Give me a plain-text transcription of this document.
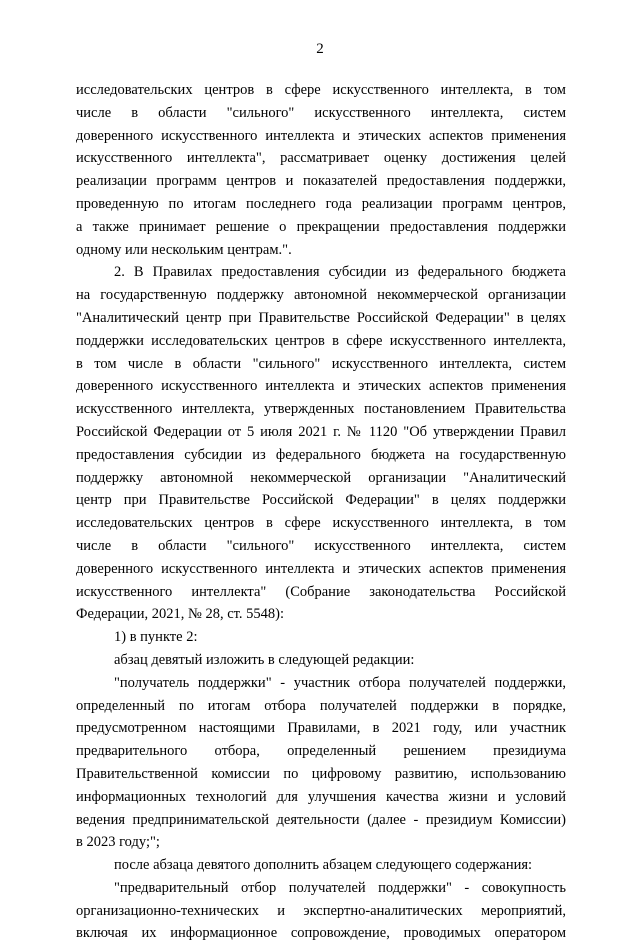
2
исследовательских центров в сфере искусственного интеллекта, в том
числе в области "сильного" искусственного интеллекта, систем
доверенного искусственного интеллекта и этических аспектов применения
искусственного интеллекта", рассматривает оценку достижения целей
реализации программ центров и показателей предоставления поддержки,
проведенную по итогам последнего года реализации программ центров,
а также принимает решение о прекращении предоставления поддержки
одному или нескольким центрам.".
2. В Правилах предоставления субсидии из федерального бюджета
на государственную поддержку автономной некоммерческой организации
"Аналитический центр при Правительстве Российской Федерации" в целях
поддержки исследовательских центров в сфере искусственного интеллекта,
в том числе в области "сильного" искусственного интеллекта, систем
доверенного искусственного интеллекта и этических аспектов применения
искусственного интеллекта, утвержденных постановлением Правительства
Российской Федерации от 5 июля 2021 г. № 1120 "Об утверждении Правил
предоставления субсидии из федерального бюджета на государственную
поддержку автономной некоммерческой организации "Аналитический
центр при Правительстве Российской Федерации" в целях поддержки
исследовательских центров в сфере искусственного интеллекта, в том
числе в области "сильного" искусственного интеллекта, систем
доверенного искусственного интеллекта и этических аспектов применения
искусственного интеллекта" (Собрание законодательства Российской
Федерации, 2021, № 28, ст. 5548):
1) в пункте 2:
абзац девятый изложить в следующей редакции:
"получатель поддержки" - участник отбора получателей поддержки,
определенный по итогам отбора получателей поддержки в порядке,
предусмотренном настоящими Правилами, в 2021 году, или участник
предварительного отбора, определенный решением президиума
Правительственной комиссии по цифровому развитию, использованию
информационных технологий для улучшения качества жизни и условий
ведения предпринимательской деятельности (далее - президиум Комиссии)
в 2023 году;";
после абзаца девятого дополнить абзацем следующего содержания:
"предварительный отбор получателей поддержки" - совокупность
организационно-технических и экспертно-аналитических мероприятий,
включая их информационное сопровождение, проводимых оператором
